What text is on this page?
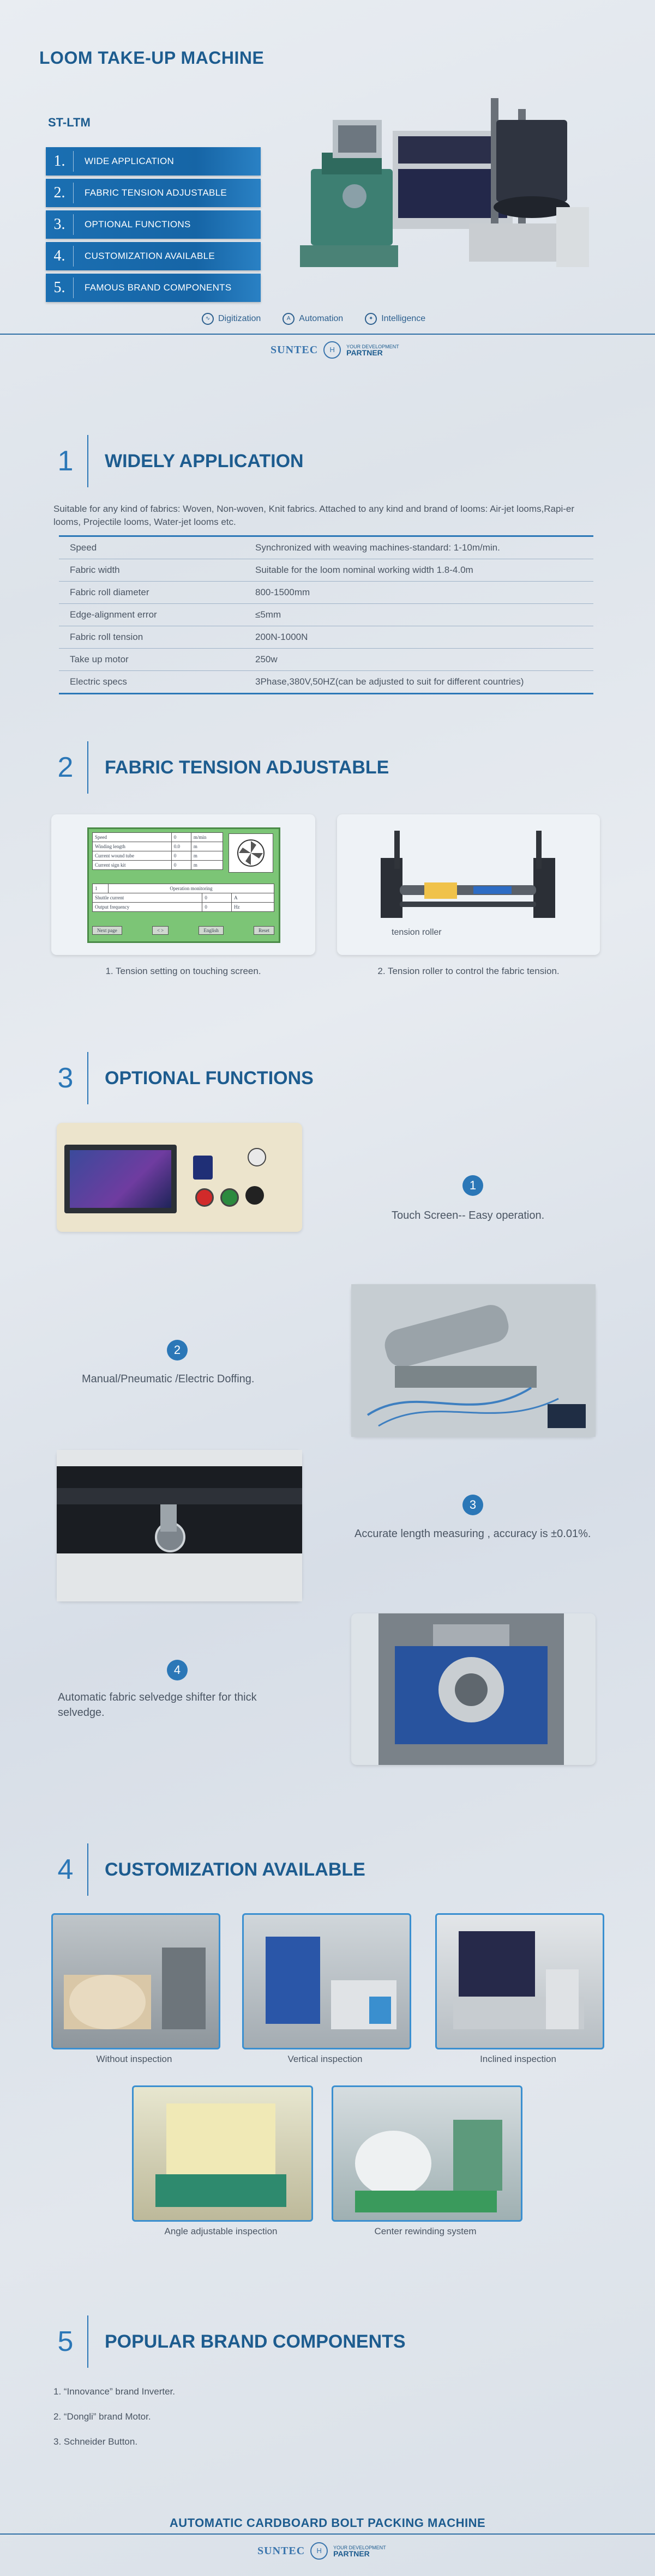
LOOM TAKE-UP MACHINE
ST-LTM
1.	WIDE APPLICATION
2.	FABRIC TENSION ADJUSTABLE
3.	OPTIONAL FUNCTIONS
4.	CUSTOMIZATION AVAILABLE
5.	FAMOUS BRAND COMPONENTS
∿ Digitization	A Automation	✦ Intelligence
SUNTEC	H	YOUR DEVELOPMENT
PARTNER
1	WIDELY APPLICATION
Suitable for any kind of fabrics: Woven, Non-woven, Knit fabrics. Attached to any kind and brand of looms: Air-jet looms,Rapi-er looms, Projectile looms, Water-jet looms etc.
Speed	Synchronized with weaving machines-standard: 1-10m/min.
Fabric width	Suitable for the loom nominal working width 1.8-4.0m
Fabric roll diameter	800-1500mm
Edge-alignment error	≤5mm
Fabric roll tension	200N-1000N
Take up motor	250w
Electric specs	3Phase,380V,50HZ(can be adjusted to suit for different countries)
2	FABRIC TENSION ADJUSTABLE
Speed	0	m/min
Winding length	0.0	m
Current wound tube	0	m
Current sign kit	0	m
1	Operation monitoring		
Shuttle current		0	A
Output frequency		0	Hz
Next page	< >	English	Reset	tension roller
1. Tension setting on touching screen.	2. Tension roller to control the fabric tension.
3	OPTIONAL FUNCTIONS
1
Touch Screen-- Easy operation.
2
Manual/Pneumatic /Electric Doffing.
3
Accurate length measuring , accuracy is ±0.01%.
4
Automatic fabric selvedge shifter for thick selvedge.
4	CUSTOMIZATION AVAILABLE
Without inspection	Vertical inspection	Inclined inspection
Angle adjustable inspection	Center rewinding system
5	POPULAR BRAND COMPONENTS
1. “Innovance” brand Inverter.
2. “Dongli” brand Motor.
3. Schneider Button.
AUTOMATIC CARDBOARD BOLT PACKING MACHINE
SUNTEC	H	YOUR DEVELOPMENT
PARTNER
